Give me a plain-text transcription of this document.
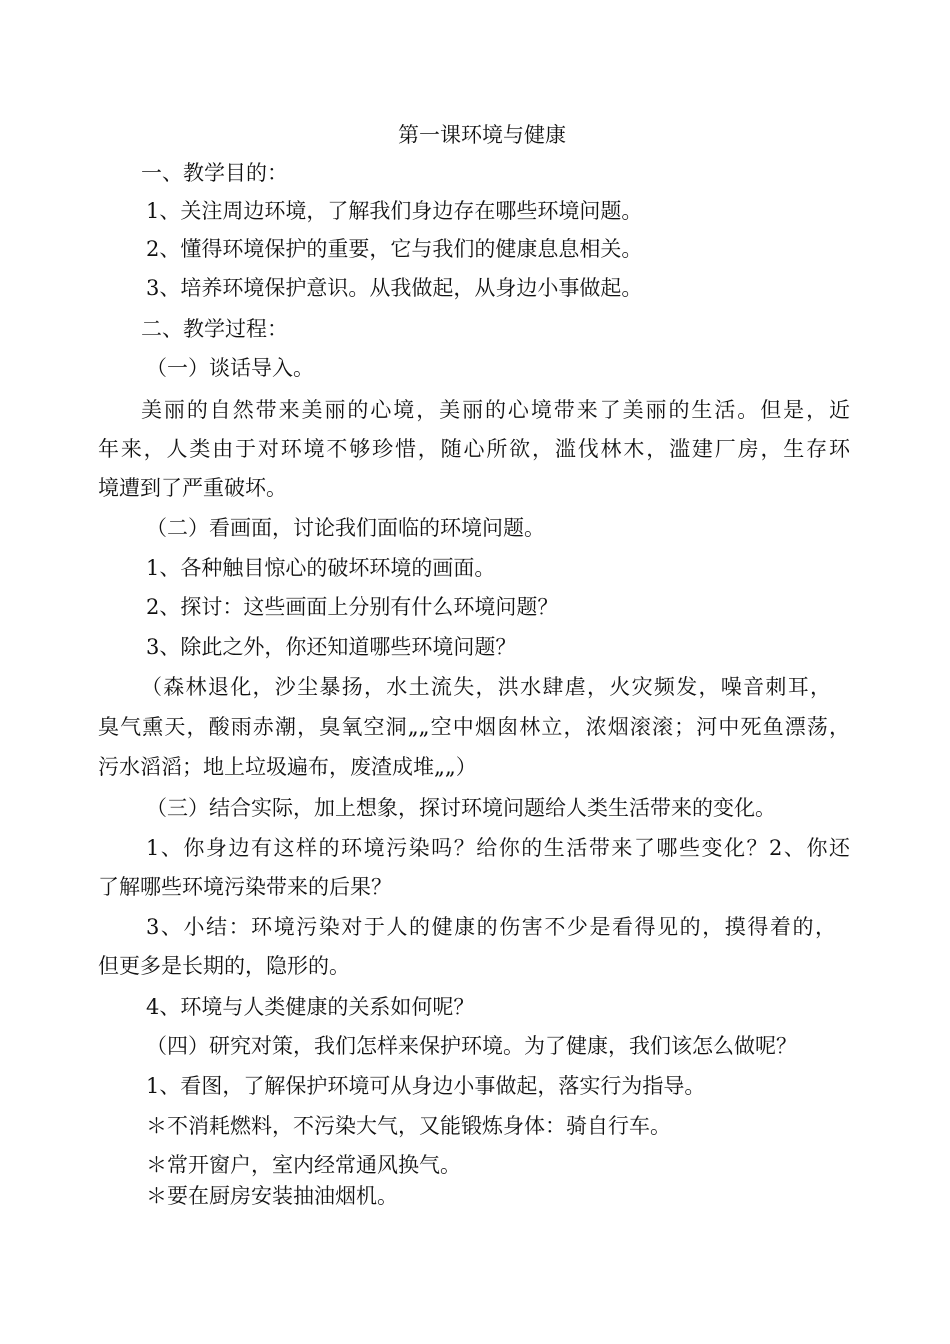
第一课环境与健康
一、教学目的：
1、关注周边环境，了解我们身边存在哪些环境问题。
2、懂得环境保护的重要，它与我们的健康息息相关。
3、培养环境保护意识。从我做起，从身边小事做起。
二、教学过程：
（一）谈话导入。
美丽的自然带来美丽的心境，美丽的心境带来了美丽的生活。但是，近
年来，人类由于对环境不够珍惜，随心所欲，滥伐林木，滥建厂房，生存环
境遭到了严重破坏。
（二）看画面，讨论我们面临的环境问题。
1、各种触目惊心的破坏环境的画面。
2、探讨：这些画面上分别有什么环境问题？
3、除此之外，你还知道哪些环境问题？
（森林退化，沙尘暴扬，水土流失，洪水肆虐，火灾频发，噪音刺耳，
臭气熏天，酸雨赤潮，臭氧空洞„„空中烟囱林立，浓烟滚滚；河中死鱼漂荡，
污水滔滔；地上垃圾遍布，废渣成堆„„）
（三）结合实际，加上想象，探讨环境问题给人类生活带来的变化。
1、你身边有这样的环境污染吗？给你的生活带来了哪些变化？2、你还
了解哪些环境污染带来的后果？
3、小结：环境污染对于人的健康的伤害不少是看得见的，摸得着的，
但更多是长期的，隐形的。
4、环境与人类健康的关系如何呢？
（四）研究对策，我们怎样来保护环境。为了健康，我们该怎么做呢？
1、看图，了解保护环境可从身边小事做起，落实行为指导。
＊不消耗燃料，不污染大气，又能锻炼身体：骑自行车。
＊常开窗户，室内经常通风换气。
＊要在厨房安装抽油烟机。
